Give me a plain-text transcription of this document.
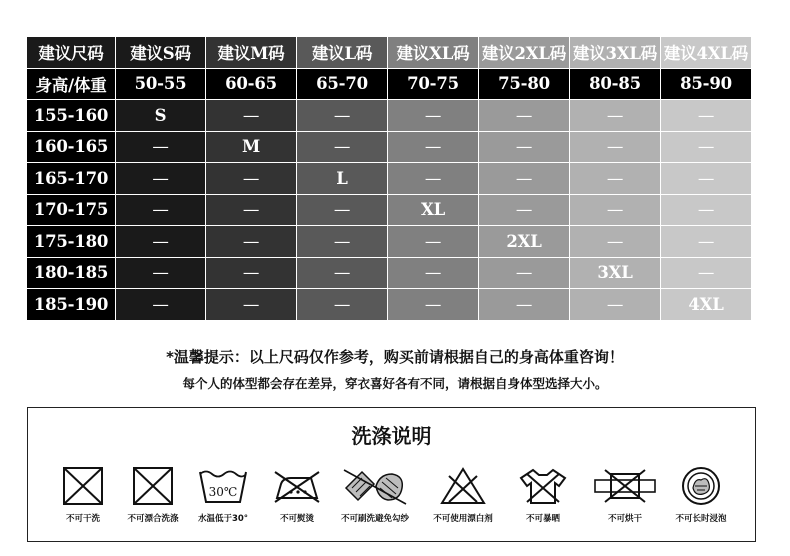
建议尺码	建议S码	建议M码	建议L码	建议XL码	建议2XL码	建议3XL码	建议4XL码
身高/体重	50-55	60-65	65-70	70-75	75-80	80-85	85-90
155-160	S	—	—	—	—	—	—
160-165	—	M	—	—	—	—	—
165-170	—	—	L	—	—	—	—
170-175	—	—	—	XL	—	—	—
175-180	—	—	—	—	2XL	—	—
180-185	—	—	—	—	—	3XL	—
185-190	—	—	—	—	—	—	4XL
*温馨提示：以上尺码仅作参考，购买前请根据自己的身高体重咨询！
每个人的体型都会存在差异，穿衣喜好各有不同，请根据自身体型选择大小。
洗涤说明
不可干洗	不可漂合洗涤
30℃
水温低于30°	不可熨烫	不可刷洗避免勾纱	不可使用漂白剂	不可暴晒	不可烘干	不可长时浸泡
